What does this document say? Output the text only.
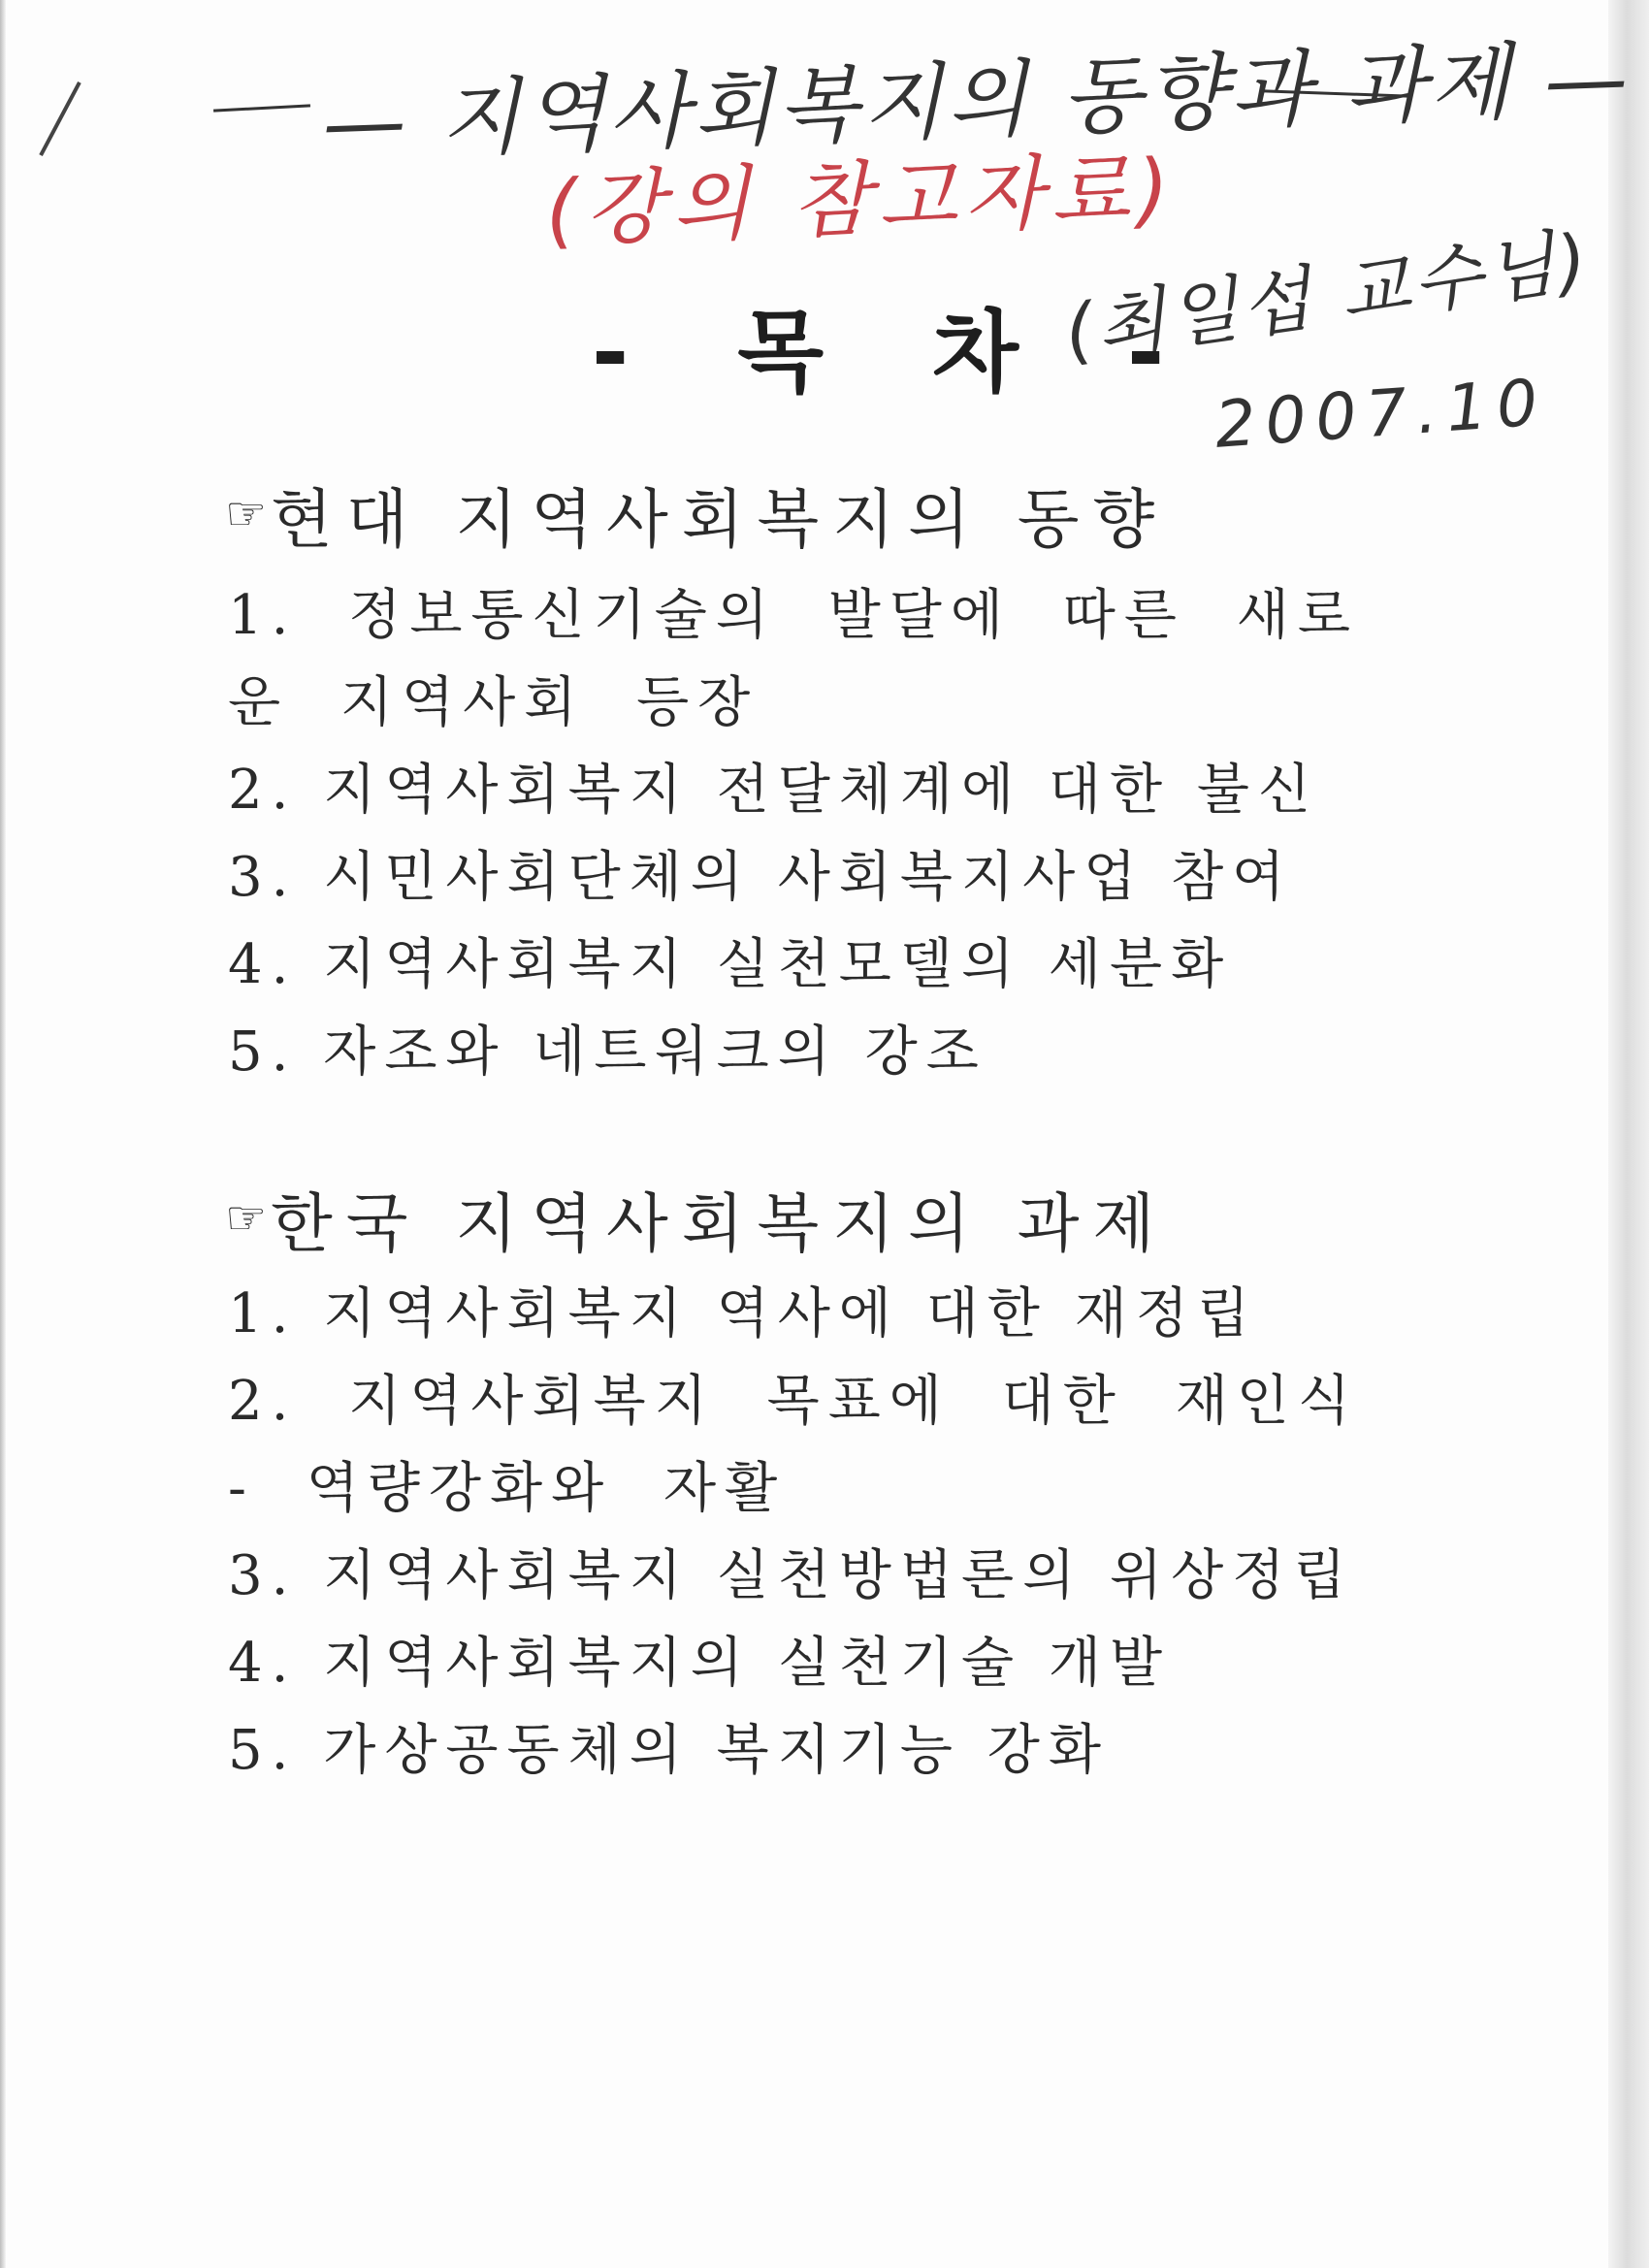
— 지역사회복지의 동향과 과제 —
(강의 참고자료)
(최일섭 교수님)
2007.10
- 목 차 -
☞ 현대 지역사회복지의 동향
1. 정보통신기술의 발달에 따른 새로운 지역사회 등장
2. 지역사회복지 전달체계에 대한 불신
3. 시민사회단체의 사회복지사업 참여
4. 지역사회복지 실천모델의 세분화
5. 자조와 네트워크의 강조
☞ 한국 지역사회복지의 과제
1. 지역사회복지 역사에 대한 재정립
2. 지역사회복지 목표에 대한 재인식 - 역량강화와 자활
3. 지역사회복지 실천방법론의 위상정립
4. 지역사회복지의 실천기술 개발
5. 가상공동체의 복지기능 강화
